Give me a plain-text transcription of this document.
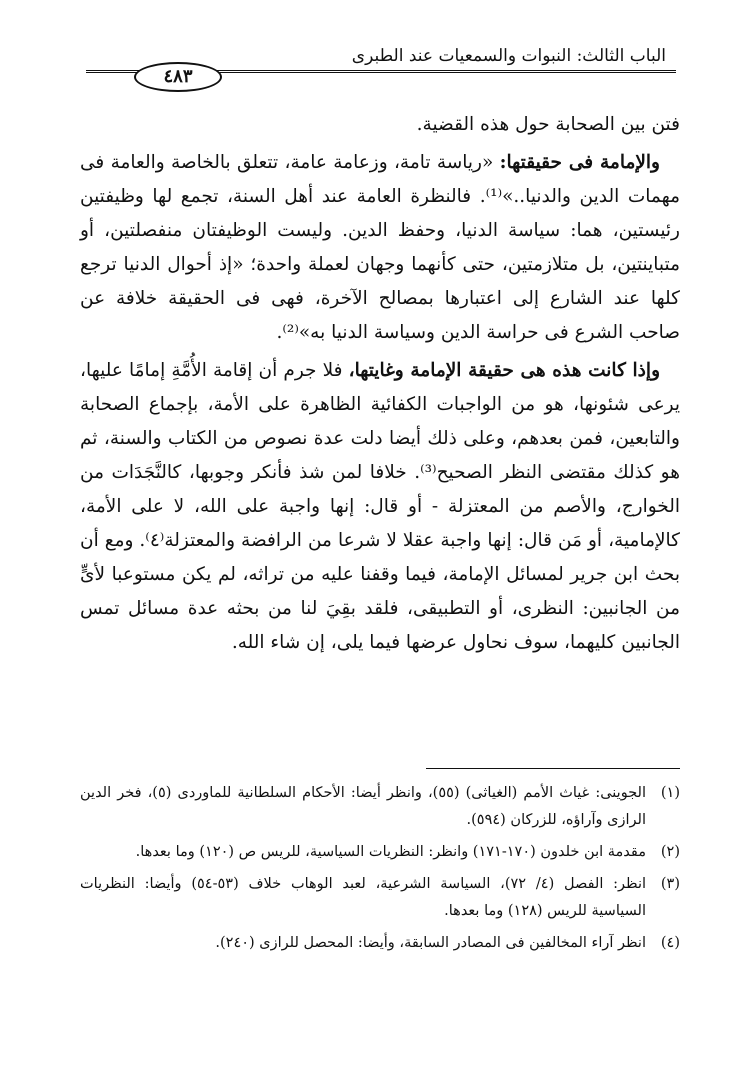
الباب الثالث: النبوات والسمعيات عند الطبرى
٤٨٣

فتن بين الصحابة حول هذه القضية.

والإمامة فى حقيقتها: «رياسة تامة، وزعامة عامة، تتعلق بالخاصة والعامة فى مهمات الدين والدنيا..»⁽¹⁾. فالنظرة العامة عند أهل السنة، تجمع لها وظيفتين رئيستين، هما: سياسة الدنيا، وحفظ الدين. وليست الوظيفتان منفصلتين، أو متباينتين، بل متلازمتين، حتى كأنهما وجهان لعملة واحدة؛ «إذ أحوال الدنيا ترجع كلها عند الشارع إلى اعتبارها بمصالح الآخرة، فهى فى الحقيقة خلافة عن صاحب الشرع فى حراسة الدين وسياسة الدنيا به»⁽²⁾.

وإذا كانت هذه هى حقيقة الإمامة وغايتها، فلا جرم أن إقامة الأُمَّةِ إمامًا عليها، يرعى شئونها، هو من الواجبات الكفائية الظاهرة على الأمة، بإجماع الصحابة والتابعين، فمن بعدهم، وعلى ذلك أيضا دلت عدة نصوص من الكتاب والسنة، ثم هو كذلك مقتضى النظر الصحيح⁽³⁾. خلافا لمن شذ فأنكر وجوبها، كالنَّجَدَات من الخوارج، والأصم من المعتزلة - أو قال: إنها واجبة على الله، لا على الأمة، كالإمامية، أو مَن قال: إنها واجبة عقلا لا شرعا من الرافضة والمعتزلة⁽٤⁾. ومع أن بحث ابن جرير لمسائل الإمامة، فيما وقفنا عليه من تراثه، لم يكن مستوعبا لأىٍّ من الجانبين: النظرى، أو التطبيقى، فلقد بقِيَ لنا من بحثه عدة مسائل تمس الجانبين كليهما، سوف نحاول عرضها فيما يلى، إن شاء الله.

(١)
الجوينى: غياث الأمم (الغياثى) (٥٥)، وانظر أيضا: الأحكام السلطانية للماوردى (٥)، فخر الدين الرازى وآراؤه، للزركان (٥٩٤).
(٢)
مقدمة ابن خلدون (١٧٠-١٧١) وانظر: النظريات السياسية، للريس ص (١٢٠) وما بعدها.
(٣)
انظر: الفصل (٤/ ٧٢)، السياسة الشرعية، لعبد الوهاب خلاف (٥٣-٥٤) وأيضا: النظريات السياسية للريس (١٢٨) وما بعدها.
(٤)
انظر آراء المخالفين فى المصادر السابقة، وأيضا: المحصل للرازى (٢٤٠).
